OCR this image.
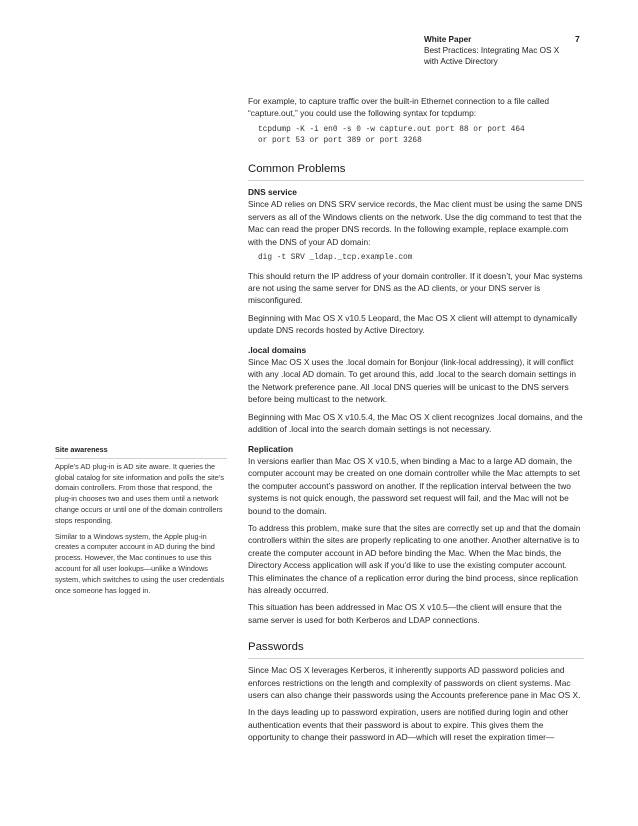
White Paper
Best Practices: Integrating Mac OS X
with Active Directory
7

For example, to capture traffic over the built-in Ethernet connection to a file called “capture.out,” you could use the following syntax for tcpdump:

tcpdump -K -i en0 -s 0 -w capture.out port 88 or port 464
or port 53 or port 389 or port 3268
Common Problems
DNS service

Since AD relies on DNS SRV service records, the Mac client must be using the same DNS servers as all of the Windows clients on the network. Use the dig command to test that the Mac can read the proper DNS records. In the following example, replace example.com with the DNS of your AD domain:

dig -t SRV _ldap._tcp.example.com

This should return the IP address of your domain controller. If it doesn’t, your Mac systems are not using the same server for DNS as the AD clients, or your DNS server is misconfigured.

Beginning with Mac OS X v10.5 Leopard, the Mac OS X client will attempt to dynamically update DNS records hosted by Active Directory.

.local domains

Since Mac OS X uses the .local domain for Bonjour (link-local addressing), it will conflict with any .local AD domain. To get around this, add .local to the search domain settings in the Network preference pane. All .local DNS queries will be unicast to the DNS servers before being multicast to the network.

Beginning with Mac OS X v10.5.4, the Mac OS X client recognizes .local domains, and the addition of .local into the search domain settings is not necessary.

Replication

In versions earlier than Mac OS X v10.5, when binding a Mac to a large AD domain, the computer account may be created on one domain controller while the Mac attempts to set the computer account’s password on another. If the replication interval between the two systems is not quick enough, the password set request will fail, and the Mac will not be bound to the domain.

To address this problem, make sure that the sites are correctly set up and that the domain controllers within the sites are properly replicating to one another. Another alternative is to create the computer account in AD before binding the Mac. When the Mac binds, the Directory Access application will ask if you’d like to use the existing computer account. This eliminates the chance of a replication error during the bind process, since replication has already occurred.

This situation has been addressed in Mac OS X v10.5—the client will ensure that the same server is used for both Kerberos and LDAP connections.

Passwords

Since Mac OS X leverages Kerberos, it inherently supports AD password policies and enforces restrictions on the length and complexity of passwords on client systems. Mac users can also change their passwords using the Accounts preference pane in Mac OS X.

In the days leading up to password expiration, users are notified during login and other authentication events that their password is about to expire. This gives them the opportunity to change their password in AD—which will reset the expiration timer—

Site awareness

Apple’s AD plug-in is AD site aware. It queries the global catalog for site information and polls the site’s domain controllers. From those that respond, the plug-in chooses two and uses them until a network change occurs or until one of the domain controllers stops responding.

Similar to a Windows system, the Apple plug-in creates a computer account in AD during the bind process. However, the Mac continues to use this account for all user lookups—unlike a Windows system, which switches to using the user credentials once someone has logged in.
